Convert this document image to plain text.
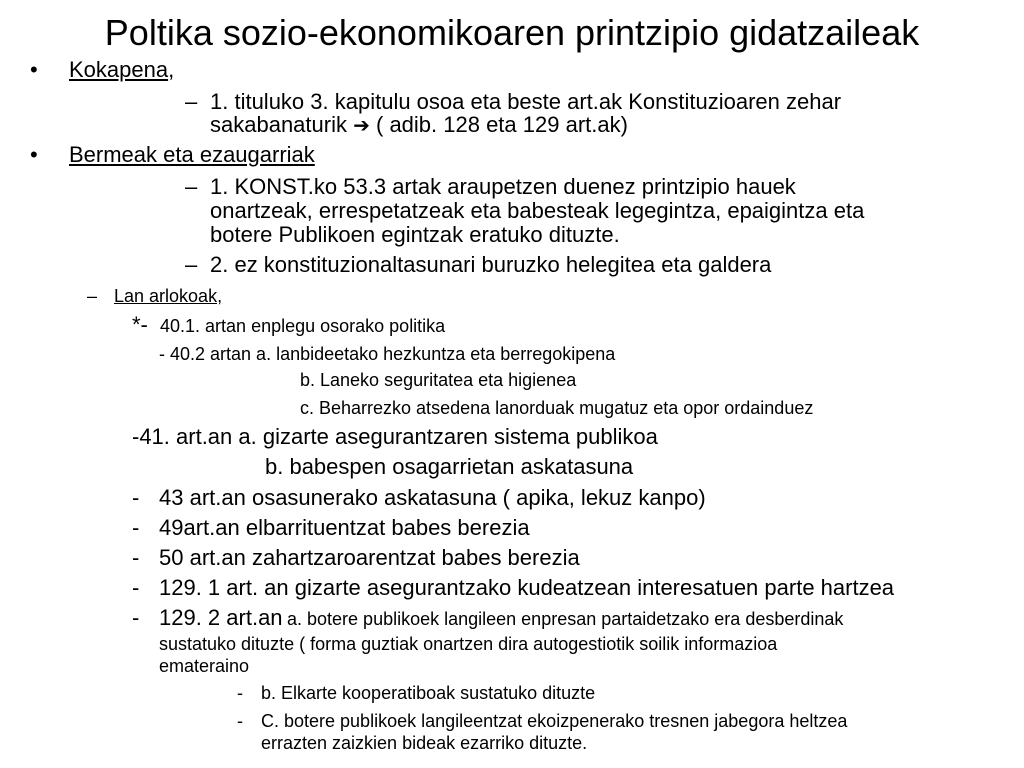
Poltika sozio-ekonomikoaren printzipio gidatzaileak
• Kokapena,
– 1. tituluko 3. kapitulu osoa eta beste art.ak Konstituzioaren zehar
sakabanaturik ➔ ( adib. 128 eta 129 art.ak)
• Bermeak eta ezaugarriak
– 1. KONST.ko 53.3 artak araupetzen duenez printzipio hauek
onartzeak, errespetatzeak eta babesteak legegintza, epaigintza eta
botere Publikoen egintzak eratuko dituzte.
– 2. ez konstituzionaltasunari buruzko helegitea eta galdera
– Lan arlokoak,
*- 40.1. artan enplegu osorako politika
- 40.2 artan a. lanbideetako hezkuntza eta berregokipena
b. Laneko seguritatea eta higienea
c. Beharrezko atsedena lanorduak mugatuz eta opor ordainduez
-41. art.an a. gizarte asegurantzaren sistema publikoa
b. babespen osagarrietan askatasuna
- 43 art.an osasunerako askatasuna ( apika, lekuz kanpo)
- 49art.an elbarrituentzat babes berezia
- 50 art.an zahartzaroarentzat babes berezia
- 129. 1 art. an gizarte asegurantzako kudeatzean interesatuen parte hartzea
- 129. 2 art.an a. botere publikoek langileen enpresan partaidetzako era desberdinak
sustatuko dituzte ( forma guztiak onartzen dira autogestiotik soilik informazioa
emateraino
- b. Elkarte kooperatiboak sustatuko dituzte
- C. botere publikoek langileentzat ekoizpenerako tresnen jabegora heltzea
errazten zaizkien bideak ezarriko dituzte.
